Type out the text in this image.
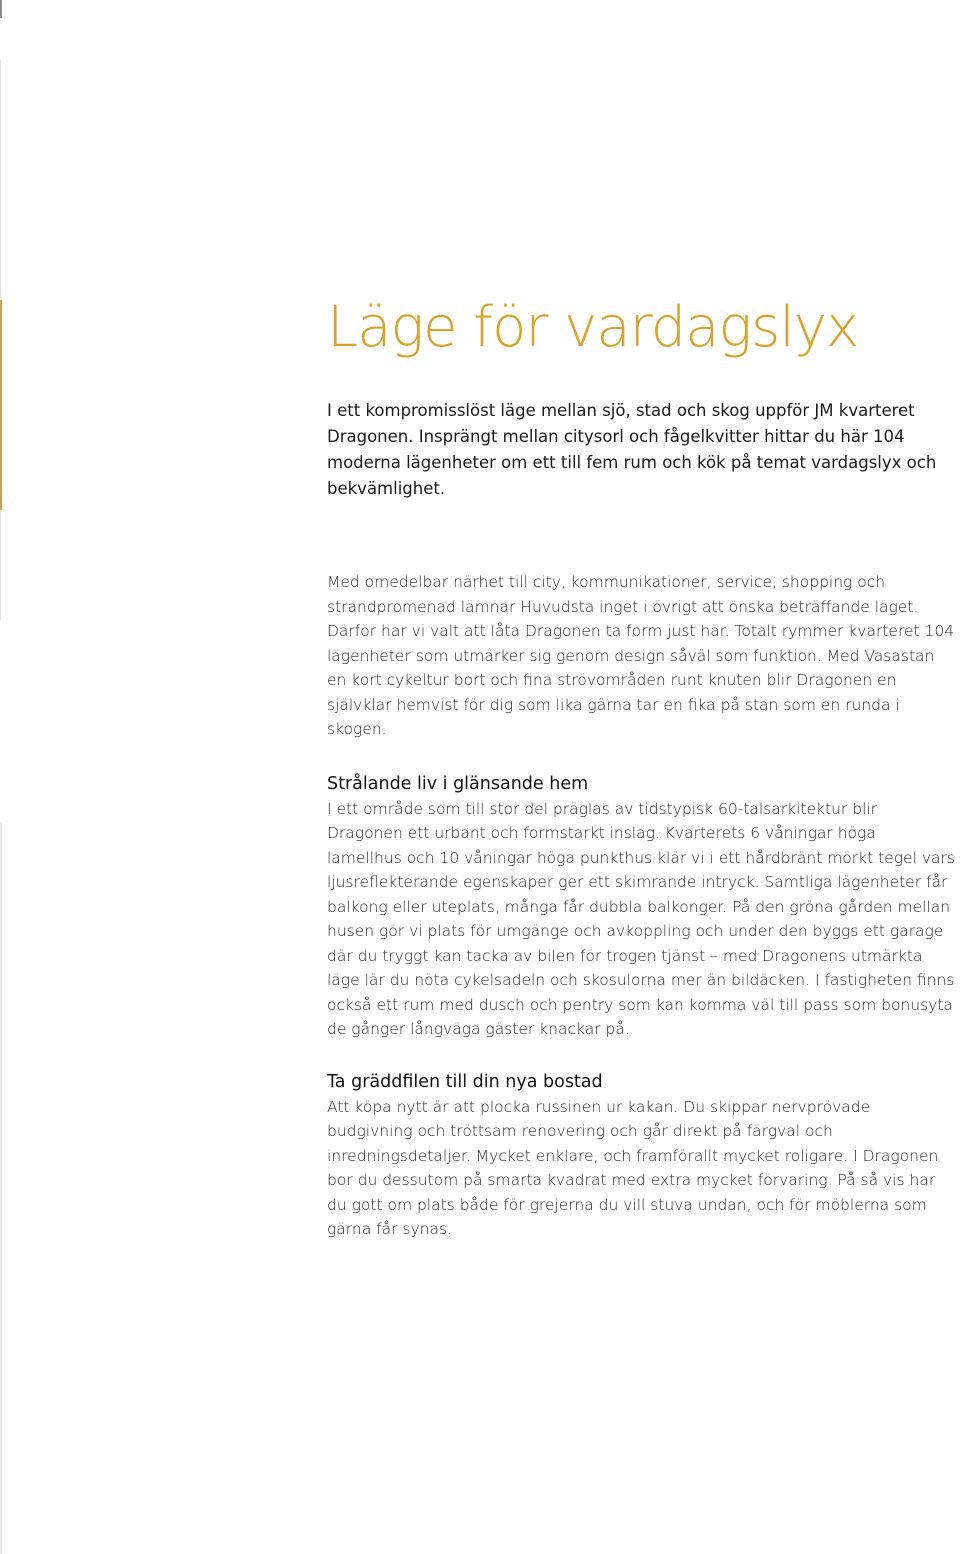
Läge för vardagslyx

I ett kompromisslöst läge mellan sjö, stad och skog uppför JM kvarteret Dragonen. Insprängt mellan citysorl och fågelkvitter hittar du här 104 moderna lägenheter om ett till fem rum och kök på temat vardagslyx och bekvämlighet.

Med omedelbar närhet till city, kommunikationer, service, shopping och strandpromenad lämnar Huvudsta inget i övrigt att önska beträffande läget. Därför har vi valt att låta Dragonen ta form just här. Totalt rymmer kvarteret 104 lägenheter som utmärker sig genom design såväl som funktion. Med Vasastan en kort cykeltur bort och fina strövområden runt knuten blir Dragonen en självklar hemvist för dig som lika gärna tar en fika på stan som en runda i skogen.

Strålande liv i glänsande hem

I ett område som till stor del präglas av tidstypisk 60-talsarkitektur blir Dragonen ett urbant och formstarkt inslag. Kvarterets 6 våningar höga lamellhus och 10 våningar höga punkthus klär vi i ett hårdbränt mörkt tegel vars ljusreflekterande egenskaper ger ett skimrande intryck. Samtliga lägenheter får balkong eller uteplats, många får dubbla balkonger. På den gröna gården mellan husen gör vi plats för umgänge och avkoppling och under den byggs ett garage där du tryggt kan tacka av bilen för trogen tjänst – med Dragonens utmärkta läge lär du nöta cykelsadeln och skosulorna mer än bildäcken. I fastigheten finns också ett rum med dusch och pentry som kan komma väl till pass som bonusyta de gånger långväga gäster knackar på.

Ta gräddfilen till din nya bostad

Att köpa nytt är att plocka russinen ur kakan. Du skippar nervprövade budgivning och tröttsam renovering och går direkt på färgval och inredningsdetaljer. Mycket enklare, och framförallt mycket roligare. I Dragonen bor du dessutom på smarta kvadrat med extra mycket förvaring. På så vis har du gott om plats både för grejerna du vill stuva undan, och för möblerna som gärna får synas.
